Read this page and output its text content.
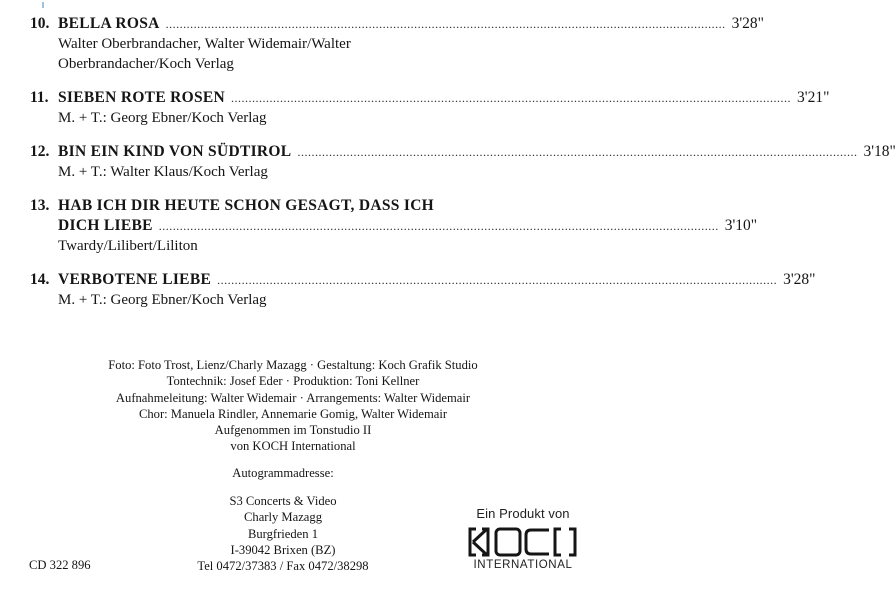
10. BELLA ROSA ................................................................................................................................................................ 3'28"
Walter Oberbrandacher, Walter Widemair/Walter
Oberbrandacher/Koch Verlag
11. SIEBEN ROTE ROSEN ................................................................................................................................................................ 3'21"
M. + T.: Georg Ebner/Koch Verlag
12. BIN EIN KIND VON SÜDTIROL ................................................................................................................................................................ 3'18"
M. + T.: Walter Klaus/Koch Verlag
13. HAB ICH DIR HEUTE SCHON GESAGT, DASS ICH
DICH LIEBE ................................................................................................................................................................ 3'10"
Twardy/Lilibert/Liliton
14. VERBOTENE LIEBE ................................................................................................................................................................ 3'28"
M. + T.: Georg Ebner/Koch Verlag
Foto: Foto Trost, Lienz/Charly Mazagg · Gestaltung: Koch Grafik Studio
Tontechnik: Josef Eder · Produktion: Toni Kellner
Aufnahmeleitung: Walter Widemair · Arrangements: Walter Widemair
Chor: Manuela Rindler, Annemarie Gomig, Walter Widemair
Aufgenommen im Tonstudio II
von KOCH International
Autogrammadresse:
S3 Concerts & Video
Charly Mazagg
Burgfrieden 1
I-39042 Brixen (BZ)
Tel 0472/37383 / Fax 0472/38298
CD 322 896
Ein Produkt von
INTERNATIONAL
